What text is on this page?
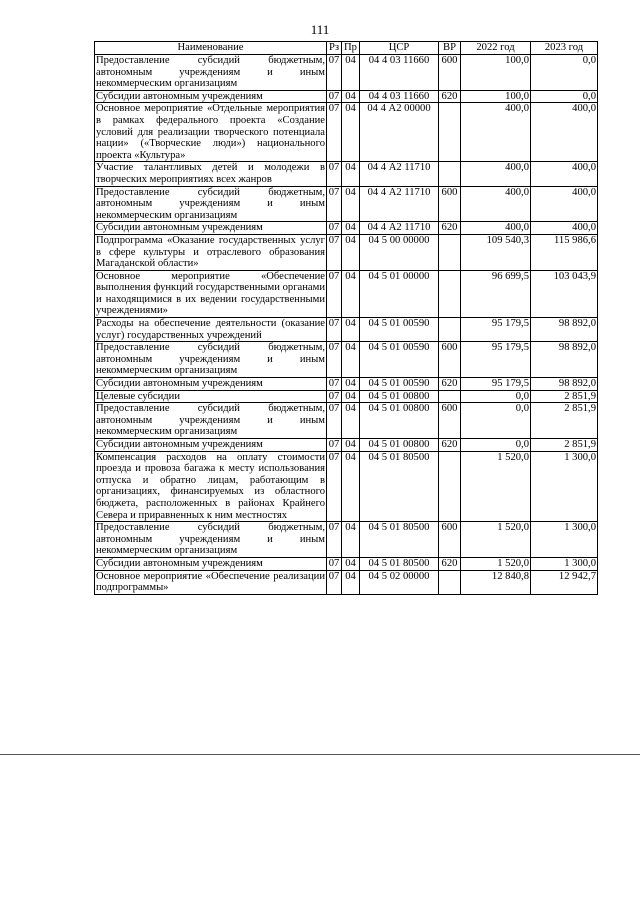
111
Наименование	Рз	Пр	ЦСР	ВР	2022 год	2023 год
Предоставление субсидий бюджетным, автономным учреждениям и иным некоммерческим организациям	07	04	04 4 03 11660	600	100,0	0,0
Субсидии автономным учреждениям	07	04	04 4 03 11660	620	100,0	0,0
Основное мероприятие «Отдельные мероприятия в рамках федерального проекта «Создание условий для реализации творческого потенциала нации» («Творческие люди») национального проекта «Культура»	07	04	04 4 А2 00000		400,0	400,0
Участие талантливых детей и молодежи в творческих мероприятиях всех жанров	07	04	04 4 А2 11710		400,0	400,0
Предоставление субсидий бюджетным, автономным учреждениям и иным некоммерческим организациям	07	04	04 4 А2 11710	600	400,0	400,0
Субсидии автономным учреждениям	07	04	04 4 А2 11710	620	400,0	400,0
Подпрограмма «Оказание государственных услуг в сфере культуры и отраслевого образования Магаданской области»	07	04	04 5 00 00000		109 540,3	115 986,6
Основное мероприятие «Обеспечение выполнения функций государственными органами и находящимися в их ведении государственными учреждениями»	07	04	04 5 01 00000		96 699,5	103 043,9
Расходы на обеспечение деятельности (оказание услуг) государственных учреждений	07	04	04 5 01 00590		95 179,5	98 892,0
Предоставление субсидий бюджетным, автономным учреждениям и иным некоммерческим организациям	07	04	04 5 01 00590	600	95 179,5	98 892,0
Субсидии автономным учреждениям	07	04	04 5 01 00590	620	95 179,5	98 892,0
Целевые субсидии	07	04	04 5 01 00800		0,0	2 851,9
Предоставление субсидий бюджетным, автономным учреждениям и иным некоммерческим организациям	07	04	04 5 01 00800	600	0,0	2 851,9
Субсидии автономным учреждениям	07	04	04 5 01 00800	620	0,0	2 851,9
Компенсация расходов на оплату стоимости проезда и провоза багажа к месту использования отпуска и обратно лицам, работающим в организациях, финансируемых из областного бюджета, расположенных в районах Крайнего Севера и приравненных к ним местностях	07	04	04 5 01 80500		1 520,0	1 300,0
Предоставление субсидий бюджетным, автономным учреждениям и иным некоммерческим организациям	07	04	04 5 01 80500	600	1 520,0	1 300,0
Субсидии автономным учреждениям	07	04	04 5 01 80500	620	1 520,0	1 300,0
Основное мероприятие «Обеспечение реализации подпрограммы»	07	04	04 5 02 00000		12 840,8	12 942,7
